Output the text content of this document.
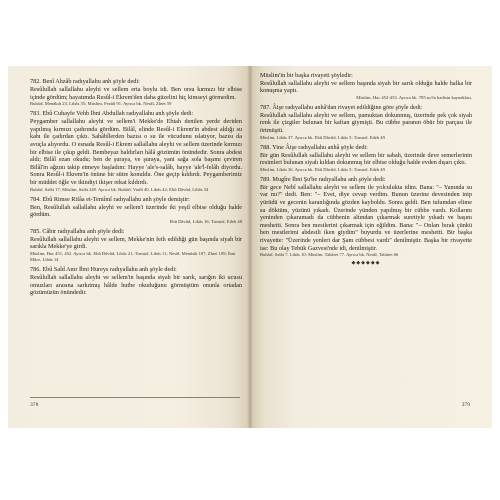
782. Benî Ahzâb radıyallahu anh şöyle dedi:

Resûlullah sallallahu aleyhi ve sellem erta boylu idi. Ben orsu kırmızı bir elbise içinde gördüm; hayatımda Resûl-i Ekrem'den daha güzelini hiç kimseyi görmedim.

Buhârî, Menâkıb 23, Libâs 35; Müslim, Fezâil 91. Ayrıca bk. Nesâî, Zînet 59

783. Ebû Cuhayfe Vehb İbni Abdullah radıyallahu anh şöyle dedi:

Peygamber sallallahu aleyhi ve sellem'i Mekke'de Ebtah denilen yerde deriden yapılmış kırmızı çadırında gördüm. Bilâl, elinde Resûl-i Ekrem'in abdest aldığı su kabı ile çadırdan çıktı. Sahâbîlerden bazısı o su ile vücudunu ıslatıyor, bazısı da avuçla alıyordu. O esnada Resûl-i Ekrem sallallahu aleyhi ve sellem üzerinde kırmızı bir elbise ile çıkıp geldi. Bembeyaz baldırları hâlâ gözümün önündedir. Sonra abdest aldı; Bilâl ezan okudu; ben de şuraya, ve şuraya, yani sağa sola başımı çeviren Bilâl'in ağzını takip etmeye başladım: Hayye 'ale's-salâh, hayye 'ale'l-felâh diyordu. Sonra Resûl-i Ekrem'in önüne bir sütre konuldu. Öne geçip kıldırdı. Peygamberimiz bir müddet öğle ve ikindiyi ikişer rekat kıldırdı.

Buhârî, Salât 17; Müslim, Salât 249. Ayrıca bk. Buhârî, Vudû 40, Libâs 42; Ebû Dâvûd, Libâs 34

784. Ebû Rimse Rifâa et-Temîmî radıyallahu anh şöyle demiştir:

Ben, Resûlullah sallallahu aleyhi ve sellem'i üzerinde iki yeşil elbise olduğu halde gördüm.

Ebû Dâvûd, Libâs 16; Tirmizî, Edeb 48

785. Câbir radıyallahu anh şöyle dedi:

Resûlullah sallallahu aleyhi ve sellem, Mekke'nin feth edildiği gün başında siyah bir sarıkla Mekke'ye girdi.

Müslim, Hac 451, 452. Ayrıca bk. Ebû Dâvûd, Libâs 21; Tirmizî, Libâs 11; Nesâî, Menâsik 107, Zînet 109; İbni Mâce, Libâs 14

786. Ebû Saîd Amr İbni Hureys radıyallahu anh şöyle dedi:

Resûlullah sallallahu aleyhi ve sellem'in başında siyah bir sarık, sarığın iki ucusu omuzları arasına sarkıtmış hâlde hutbe okuduğunu görmüştüm onunla ortadan gözümüzün önündedir.

378

Müslim'in bir başka rivayeti şöyledir:

Resûlullah sallallahu aleyhi ve sellem başında siyah bir sarık olduğu halde halka bir konuşma yaptı.

Müslim, Hac 452-453. Ayrıca bk. 785 no'lu hadisin kaynakları.

787. Âişe radıyallahu anhâ'dan rivayet edildiğine göre şöyle dedi:

Resûlullah sallallahu aleyhi ve sellem, pamuktan dokunmuş, üzerinde pek çok siyah renk ile çizgiler bulunan bir kaftan giymişti. Bu cübbe paranın öbür bir parçası ile örtmüştü.

Müslim, Libâs 37. Ayrıca bk. Ebû Dâvûd, Libâs 5; Tirmizî, Edeb 49

788. Yine Âişe radıyallahu anhâ şöyle dedi:

Bir gün Resûlullah sallallahu aleyhi ve sellem bir sabah, üzerinde deve semerlerinin resimleri bulunan siyah kıldan dokunmuş bir elbise olduğu halde evden dışarı çıktı.

Müslim, Libâs 36. Ayrıca bk. Ebû Dâvûd, Libâs 5; Tirmizî, Edeb 49

789. Mugîre İbni Şu'be radıyallahu anh şöyle dedi:

Bir gece Nebî sallallahu aleyhi ve sellem ile yolculukta idim. Bana: "– Yanında su var mı?" dedi. Ben: "– Evet, diye cevap verdim. Bunun üzerine devesinden inip yürüdü ve gecenin karanlığında gözden kayboldu. Sonra geldi. Ben tulumdan elime su döktüm, yüzünü yıkadı. Üzerinde yünden yapılmış bir cübbe vardı. Kollarını yeninden çıkaramadı da cübbenin altından çıkarmak suretiyle yıkadı ve başını meshetti. Sonra ben mestlerini çıkarmak için eğildim. Bana: "– Onları bırak çünkü ben mestlerimi abdestli iken giydim" buyurdu ve üzerlerine meshetti. Bir başka rivayette: "Üzerinde yenleri dar Şam cübbesi vardı" denilmiştir. Başka bir rivayette ise: Bu olay Tebük Gazvesi'nde idi, denilmiştir.

Buhârî, Salât 7, Libâs 10; Müslim, Tahâret 77. Ayrıca bk. Nesâî, Tahâret 66

◆◆◆◆◆◆
379
